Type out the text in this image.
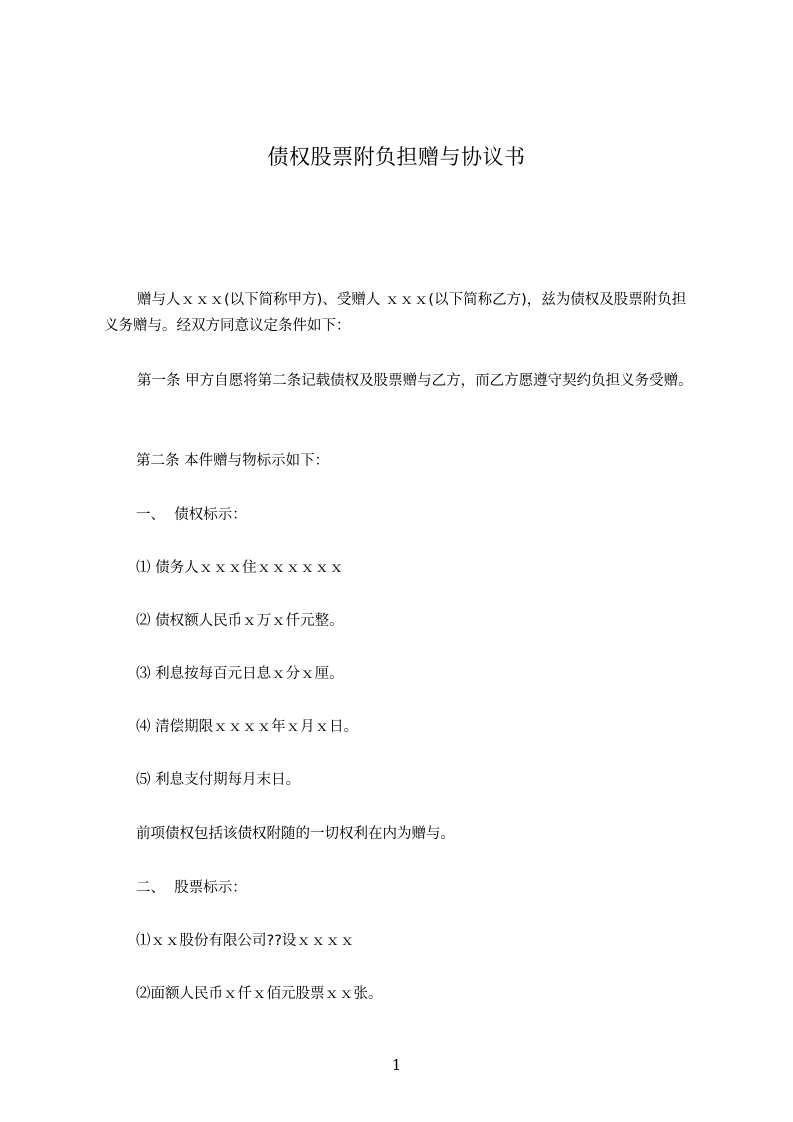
债权股票附负担赠与协议书
赠与人ｘｘｘ(以下简称甲方)、受赠人 ｘｘｘ(以下简称乙方)，兹为债权及股票附负担义务赠与。经双方同意议定条件如下：
第一条 甲方自愿将第二条记载债权及股票赠与乙方，而乙方愿遵守契约负担义务受赠。
第二条 本件赠与物标示如下：
一、  债权标示：
⑴ 债务人ｘｘｘ住ｘｘｘｘｘｘ
⑵ 债权额人民币ｘ万ｘ仟元整。
⑶ 利息按每百元日息ｘ分ｘ厘。
⑷ 清偿期限ｘｘｘｘ年ｘ月ｘ日。
⑸ 利息支付期每月末日。
前项债权包括该债权附随的一切权利在内为赠与。
二、  股票标示：
⑴ｘｘ股份有限公司??设ｘｘｘｘ
⑵面额人民币ｘ仟ｘ佰元股票ｘｘ张。
1
